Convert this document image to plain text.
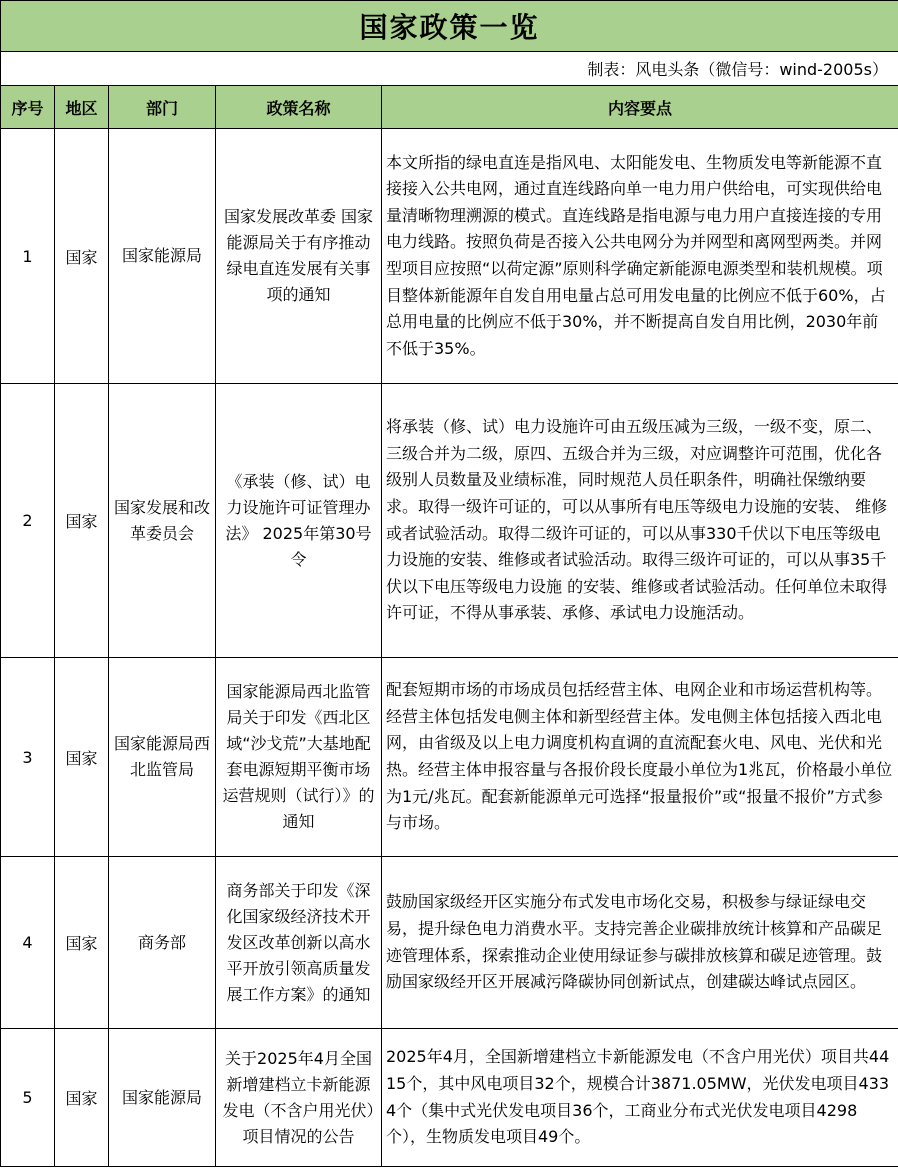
国家政策一览				
制表：风电头条（微信号：wind-2005s）				
序号	地区	部门	政策名称	内容要点
1	国家	国家能源局	国家发展改革委 国家能源局关于有序推动绿电直连发展有关事项的通知	本文所指的绿电直连是指风电、太阳能发电、生物质发电等新能源不直接接入公共电网，通过直连线路向单一电力用户供给电，可实现供给电量清晰物理溯源的模式。直连线路是指电源与电力用户直接连接的专用电力线路。按照负荷是否接入公共电网分为并网型和离网型两类。并网型项目应按照“以荷定源”原则科学确定新能源电源类型和装机规模。项目整体新能源年自发自用电量占总可用发电量的比例应不低于60%，占总用电量的比例应不低于30%，并不断提高自发自用比例，2030年前不低于35%。
2	国家	国家发展和改革委员会	《承装（修、试）电力设施许可证管理办法》 2025年第30号令	将承装（修、试）电力设施许可由五级压减为三级，一级不变，原二、三级合并为二级，原四、五级合并为三级，对应调整许可范围，优化各级别人员数量及业绩标准，同时规范人员任职条件，明确社保缴纳要求。取得一级许可证的，可以从事所有电压等级电力设施的安装、 维修或者试验活动。取得二级许可证的，可以从事330千伏以下电压等级电力设施的安装、维修或者试验活动。取得三级许可证的，可以从事35千伏以下电压等级电力设施 的安装、维修或者试验活动。任何单位未取得许可证，不得从事承装、承修、承试电力设施活动。
3	国家	国家能源局西北监管局	国家能源局西北监管局关于印发《西北区域“沙戈荒”大基地配套电源短期平衡市场运营规则（试行）》的通知	配套短期市场的市场成员包括经营主体、电网企业和市场运营机构等。经营主体包括发电侧主体和新型经营主体。发电侧主体包括接入西北电网，由省级及以上电力调度机构直调的直流配套火电、风电、光伏和光热。经营主体申报容量与各报价段长度最小单位为1兆瓦，价格最小单位为1元/兆瓦。配套新能源单元可选择“报量报价”或“报量不报价”方式参与市场。
4	国家	商务部	商务部关于印发《深化国家级经济技术开发区改革创新以高水平开放引领高质量发展工作方案》的通知	鼓励国家级经开区实施分布式发电市场化交易，积极参与绿证绿电交易，提升绿色电力消费水平。支持完善企业碳排放统计核算和产品碳足迹管理体系，探索推动企业使用绿证参与碳排放核算和碳足迹管理。鼓励国家级经开区开展减污降碳协同创新试点，创建碳达峰试点园区。
5	国家	国家能源局	关于2025年4月全国新增建档立卡新能源发电（不含户用光伏）项目情况的公告	2025年4月，全国新增建档立卡新能源发电（不含户用光伏）项目共4415个，其中风电项目32个，规模合计3871.05MW，光伏发电项目4334个（集中式光伏发电项目36个，工商业分布式光伏发电项目4298个），生物质发电项目49个。
